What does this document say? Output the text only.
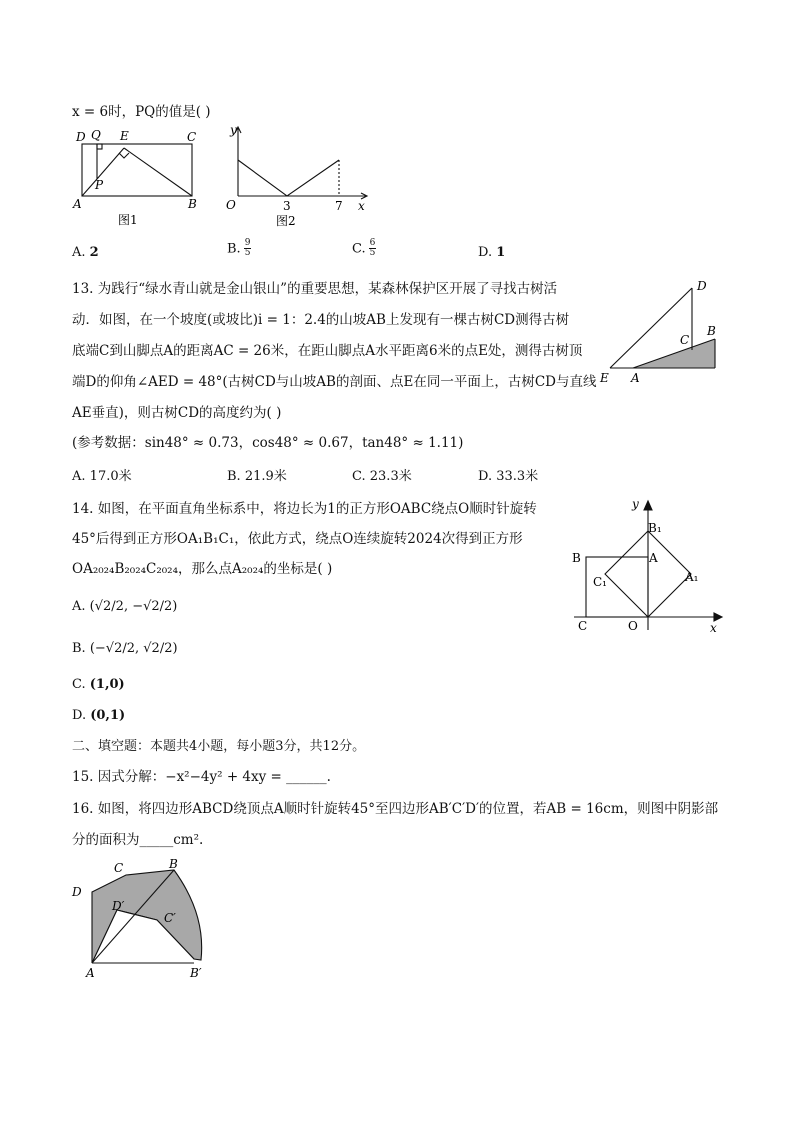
x = 6时，PQ的值是( )
D Q E	C
P
A	B
图1
y
O	3	7 x
图2
A. 2	B. $\frac{9}{5}$	C. $\frac{6}{5}$	D. 1
13. 为践行“绿水青山就是金山银山”的重要思想，某森林保护区开展了寻找古树活
动．如图，在一个坡度(或坡比)i = 1：2.4的山坡AB上发现有一棵古树CD测得古树
底端C到山脚点A的距离AC = 26米，在距山脚点A水平距离6米的点E处，测得古树顶
端D的仰角∠AED = 48°(古树CD与山坡AB的剖面、点E在同一平面上，古树CD与直线
AE垂直)，则古树CD的高度约为( )
(参考数据：sin48° ≈ 0.73，cos48° ≈ 0.67，tan48° ≈ 1.11)
D
C
B
E A
A. 17.0米	B. 21.9米	C. 23.3米	D. 33.3米
14. 如图，在平面直角坐标系中，将边长为1的正方形OABC绕点O顺时针旋转
45°后得到正方形OA₁B₁C₁，依此方式，绕点O连续旋转2024次得到正方形
OA₂₀₂₄B₂₀₂₄C₂₀₂₄，那么点A₂₀₂₄的坐标是( )
y
B₁
B	A
C₁	A₁
C	O	x
A. (√2/2, −√2/2)
B. (−√2/2, √2/2)
C. (1,0)
D. (0,1)
二、填空题：本题共4小题，每小题3分，共12分。
15. 因式分解：−x²−4y² + 4xy = ______.
16. 如图，将四边形ABCD绕顶点A顺时针旋转45°至四边形AB′C′D′的位置，若AB = 16cm，则图中阴影部
分的面积为_____cm².
C	B
D
D′
C′
A	B′
